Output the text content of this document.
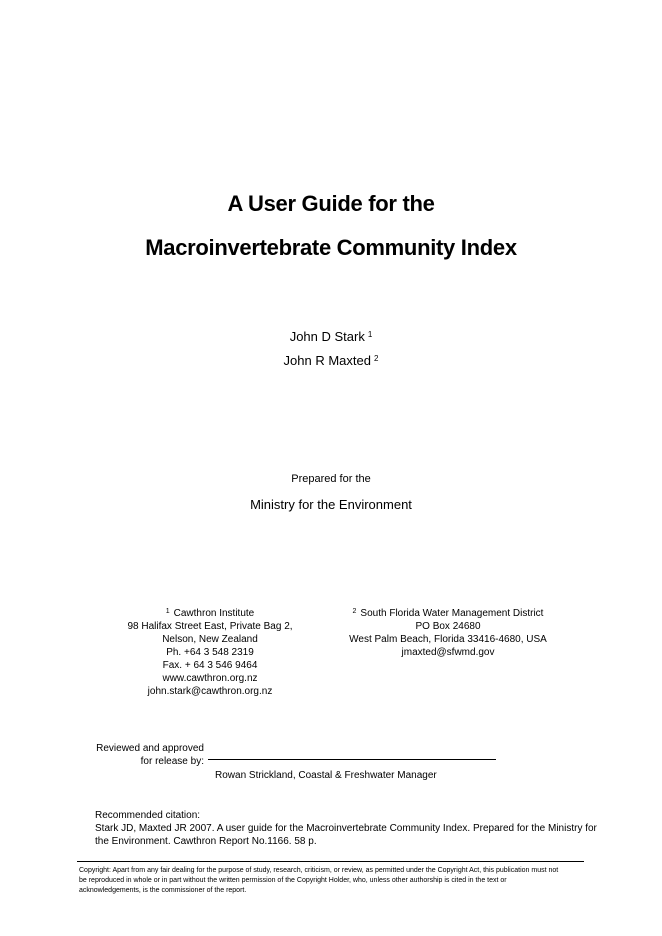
A User Guide for the
Macroinvertebrate Community Index
John D Stark $^1$
John R Maxted $^2$
Prepared for the
Ministry for the Environment
$^1$ Cawthron Institute
98 Halifax Street East, Private Bag 2,
Nelson, New Zealand
Ph. +64 3 548 2319
Fax. + 64 3 546 9464
www.cawthron.org.nz
john.stark@cawthron.org.nz
$^2$ South Florida Water Management District
PO Box 24680
West Palm Beach, Florida 33416-4680, USA
jmaxted@sfwmd.gov
Reviewed and approved
for release by:
Rowan Strickland, Coastal & Freshwater Manager
Recommended citation:
Stark JD, Maxted JR 2007. A user guide for the Macroinvertebrate Community Index. Prepared for the Ministry for
the Environment. Cawthron Report No.1166. 58 p.
Copyright: Apart from any fair dealing for the purpose of study, research, criticism, or review, as permitted under the Copyright Act, this publication must not
be reproduced in whole or in part without the written permission of the Copyright Holder, who, unless other authorship is cited in the text or
acknowledgements, is the commissioner of the report.
